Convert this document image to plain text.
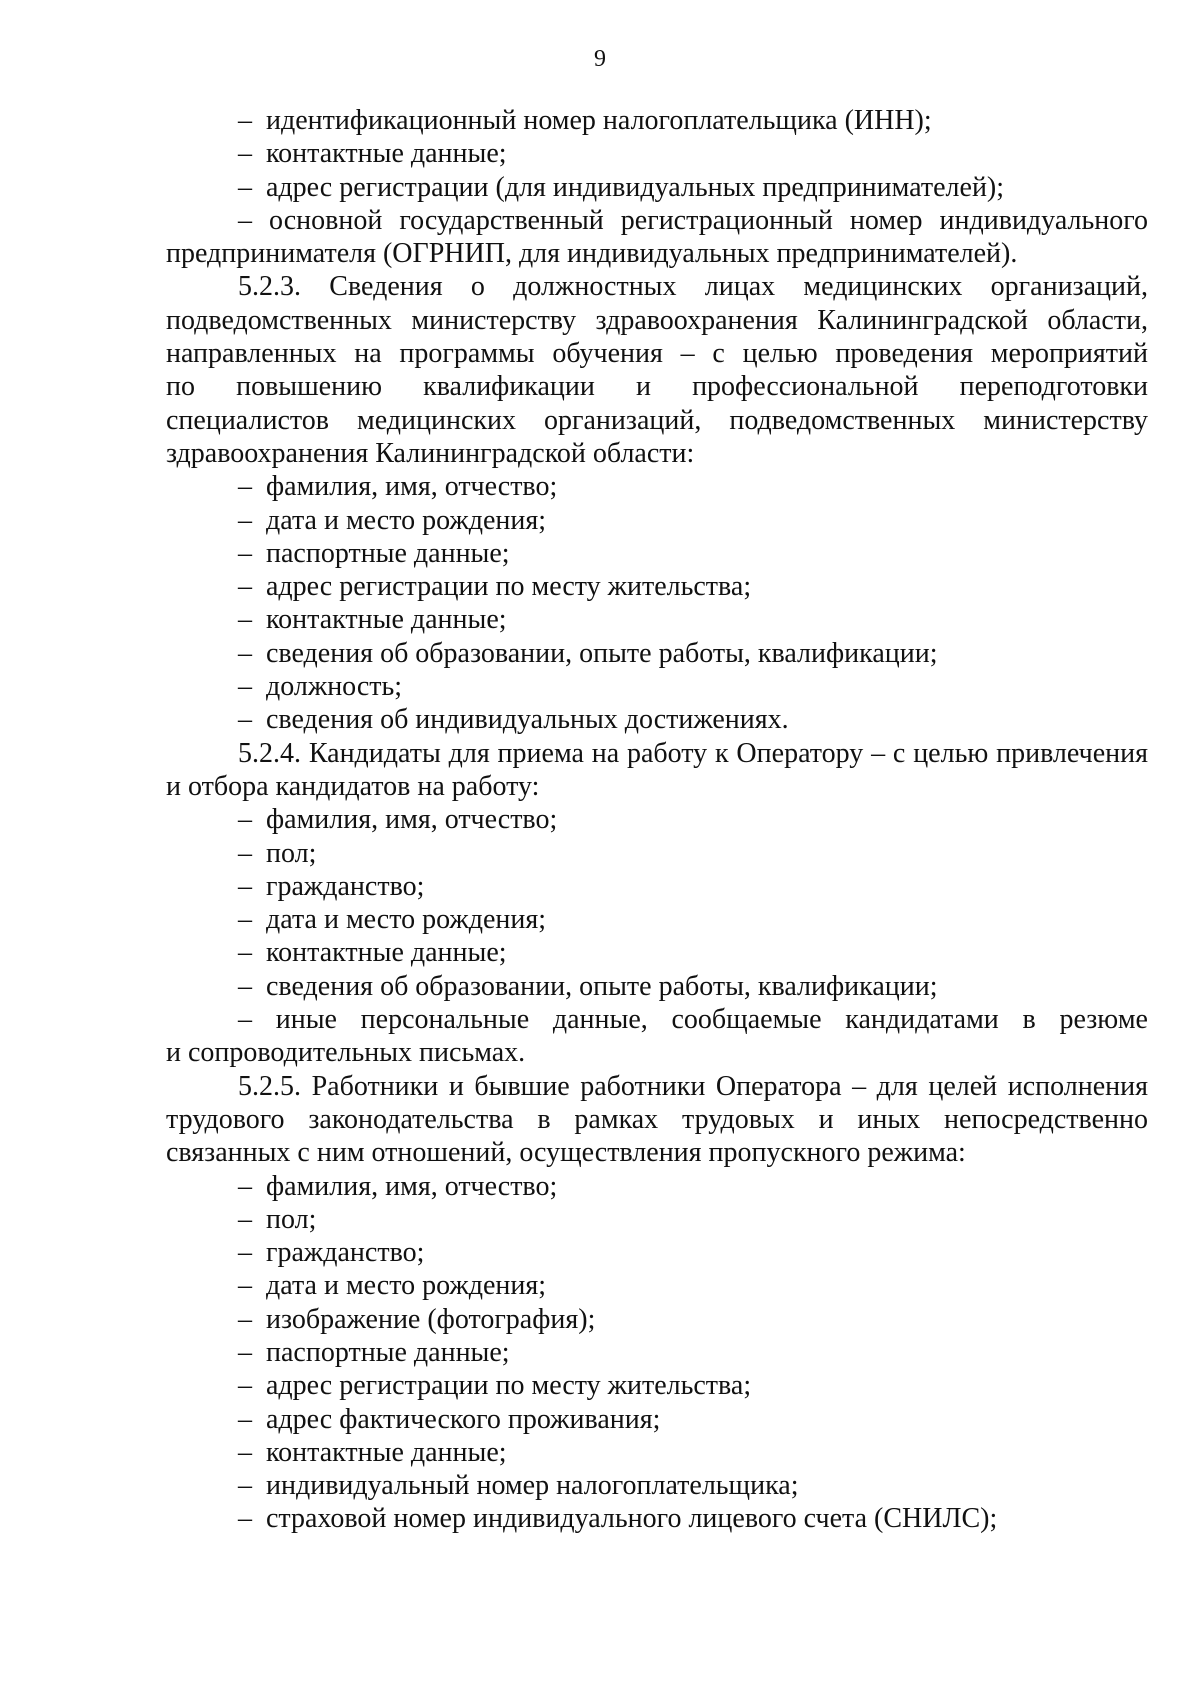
9

– идентификационный номер налогоплательщика (ИНН);

– контактные данные;

– адрес регистрации (для индивидуальных предпринимателей);

– основной государственный регистрационный номер индивидуального
предпринимателя (ОГРНИП, для индивидуальных предпринимателей).
5.2.3. Сведения о должностных лицах медицинских организаций,
подведомственных министерству здравоохранения Калининградской области,
направленных на программы обучения – с целью проведения мероприятий
по повышению квалификации и профессиональной переподготовки
специалистов медицинских организаций, подведомственных министерству
здравоохранения Калининградской области:

– фамилия, имя, отчество;

– дата и место рождения;

– паспортные данные;

– адрес регистрации по месту жительства;

– контактные данные;

– сведения об образовании, опыте работы, квалификации;

– должность;

– сведения об индивидуальных достижениях.

5.2.4. Кандидаты для приема на работу к Оператору – с целью привлечения
и отбора кандидатов на работу:

– фамилия, имя, отчество;

– пол;

– гражданство;

– дата и место рождения;

– контактные данные;

– сведения об образовании, опыте работы, квалификации;

– иные персональные данные, сообщаемые кандидатами в резюме
и сопроводительных письмах.
5.2.5. Работники и бывшие работники Оператора – для целей исполнения
трудового законодательства в рамках трудовых и иных непосредственно
связанных с ним отношений, осуществления пропускного режима:

– фамилия, имя, отчество;

– пол;

– гражданство;

– дата и место рождения;

– изображение (фотография);

– паспортные данные;

– адрес регистрации по месту жительства;

– адрес фактического проживания;

– контактные данные;

– индивидуальный номер налогоплательщика;

– страховой номер индивидуального лицевого счета (СНИЛС);
